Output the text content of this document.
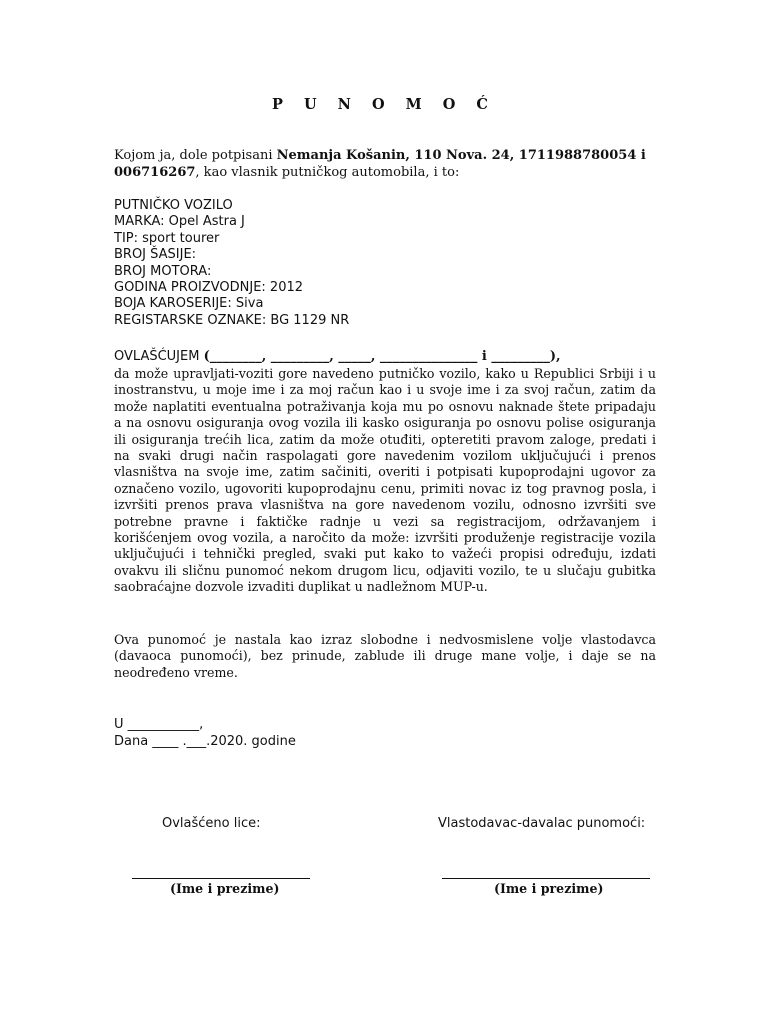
P U N O M O Ć
Kojom ja, dole potpisani Nemanja Košanin, 110 Nova. 24, 1711988780054 i 006716267, kao vlasnik putničkog automobila, i to:
PUTNIČKO VOZILO
MARKA: Opel Astra J
TIP: sport tourer
BROJ ŠASIJE:
BROJ MOTORA:
GODINA PROIZVODNJE: 2012
BOJA KAROSERIJE: Siva
REGISTARSKE OZNAKE: BG 1129 NR
OVLAŠĆUJEM (________, _________, _____, _______________ i _________),
da može upravljati-voziti gore navedeno putničko vozilo, kako u Republici Srbiji i u inostranstvu, u moje ime i za moj račun kao i u svoje ime i za svoj račun, zatim da može naplatiti eventualna potraživanja koja mu po osnovu naknade štete pripadaju a na osnovu osiguranja ovog vozila ili kasko osiguranja po osnovu polise osiguranja ili osiguranja trećih lica, zatim da može otuđiti, opteretiti pravom zaloge, predati i na svaki drugi način raspolagati gore navedenim vozilom uključujući i prenos vlasništva na svoje ime, zatim sačiniti, overiti i potpisati kupoprodajni ugovor za označeno vozilo, ugovoriti kupoprodajnu cenu, primiti novac iz tog pravnog posla, i izvršiti prenos prava vlasništva na gore navedenom vozilu, odnosno izvršiti sve potrebne pravne i faktičke radnje u vezi sa registracijom, održavanjem i korišćenjem ovog vozila, a naročito da može: izvršiti produženje registracije vozila uključujući i tehnički pregled, svaki put kako to važeći propisi određuju, izdati ovakvu ili sličnu punomoć nekom drugom licu, odjaviti vozilo, te u slučaju gubitka saobraćajne dozvole izvaditi duplikat u nadležnom MUP-u.
Ova punomoć je nastala kao izraz slobodne i nedvosmislene volje vlastodavca (davaoca punomoći), bez prinude, zablude ili druge mane volje, i daje se na neodređeno vreme.
U ___________,
Dana ____ .___.2020. godine
Ovlašćeno lice:	Vlastodavac-davalac punomoći:
(Ime i prezime)	(Ime i prezime)
